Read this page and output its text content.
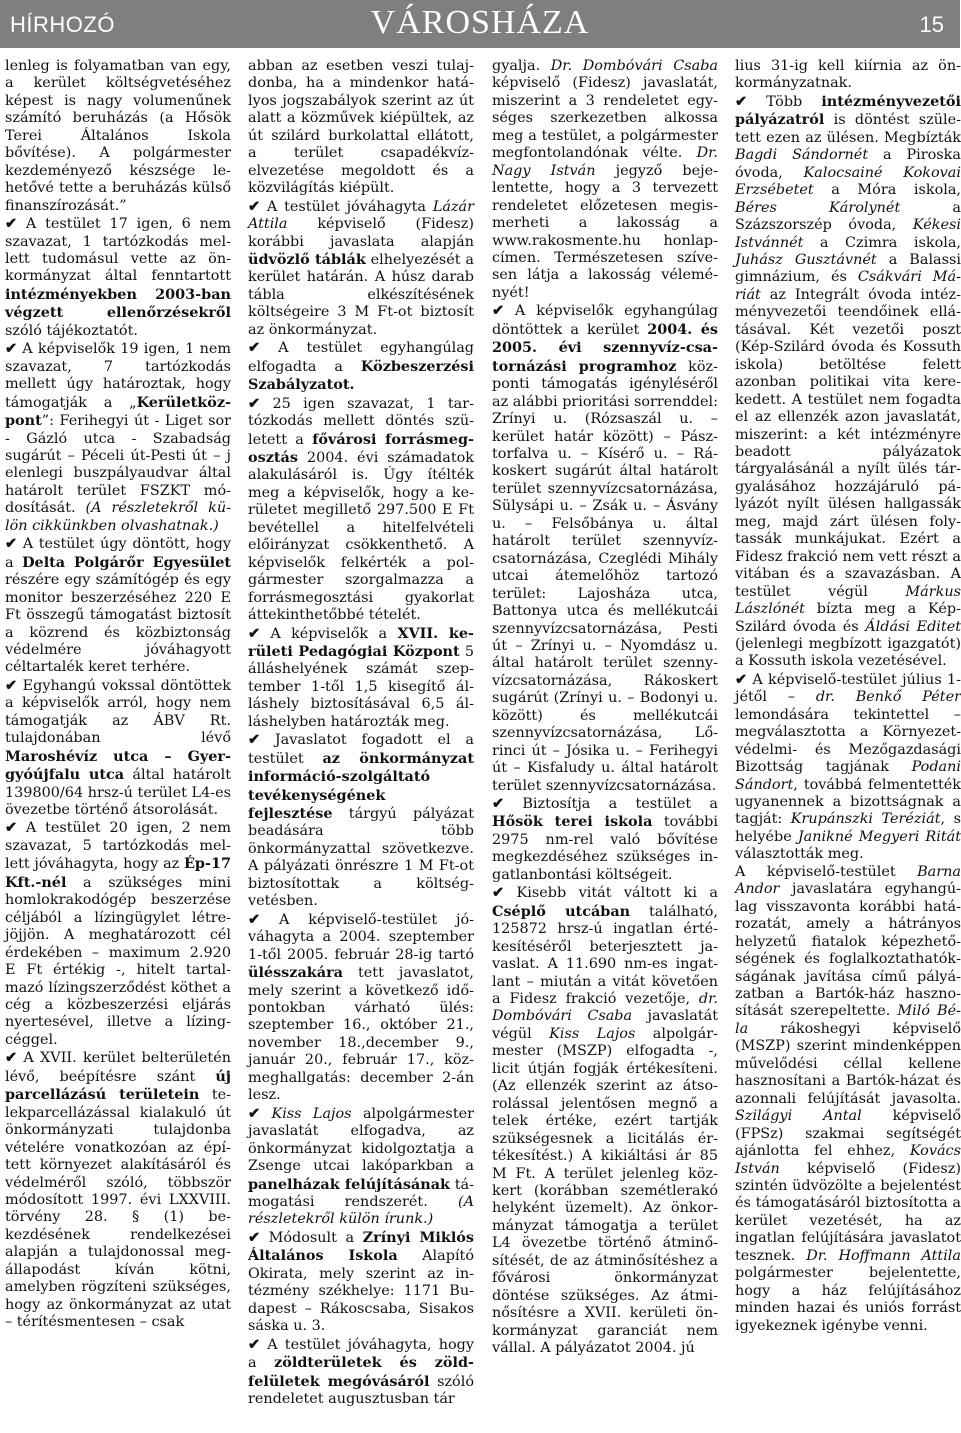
HÍRHOZÓ	VÁROSHÁZA	15

lenleg is folyamatban van egy, a kerület költségvetéséhez képest is nagy volumenűnek számító beruházás (a Hősök Terei Általános Iskola bővítése). A polgármester kezdeményező készsége lehetővé tette a beruházás külső finanszírozását.”

✔ A testület 17 igen, 6 nem szavazat, 1 tartózkodás mellett tudomásul vette az önkormányzat által fenntartott intézményekben 2003-ban végzett ellenőrzésekről szóló tájékoztatót.

✔ A képviselők 19 igen, 1 nem szavazat, 7 tartózkodás mellett úgy határoztak, hogy támogatják a „Kerületközpont”: Ferihegyi út - Liget sor - Gázló utca - Szabadság sugárút – Péceli út-Pesti út – j elenlegi buszpályaudvar által határolt terület FSZKT módosítását. (A részletekről külön cikkünkben olvashatnak.)

✔ A testület úgy döntött, hogy a Delta Polgárőr Egyesület részére egy számítógép és egy monitor beszerzéséhez 220 E Ft összegű támogatást biztosít a közrend és közbiztonság védelmére jóváhagyott céltartalék keret terhére.

✔ Egyhangú vokssal döntöttek a képviselők arról, hogy nem támogatják az ÁBV Rt. tulajdonában lévő Maroshévíz utca – Gyergyóújfalu utca által határolt 139800/64 hrsz-ú terület L4-es övezetbe történő átsorolását.

✔ A testület 20 igen, 2 nem szavazat, 5 tartózkodás mellett jóváhagyta, hogy az Ép-17 Kft.-nél a szükséges mini homlokrakodógép beszerzése céljából a lízingügylet létrejöjjön. A meghatározott cél érdekében – maximum 2.920 E Ft értékig -, hitelt tartalmazó lízingszerződést köthet a cég a közbeszerzési eljárás nyertesével, illetve a lízingcéggel.

✔ A XVII. kerület belterületén lévő, beépítésre szánt új parcellázású területein telekparcellázással kialakuló út önkormányzati tulajdonba vételére vonatkozóan az épített környezet alakításáról és védelméről szóló, többször módosított 1997. évi LXXVIII. törvény 28. § (1) bekezdésének rendelkezései alapján a tulajdonossal megállapodást kíván kötni, amelyben rögzíteni szükséges, hogy az önkormányzat az utat – térítésmentesen – csak

abban az esetben veszi tulajdonba, ha a mindenkor hatályos jogszabályok szerint az út alatt a közművek kiépültek, az út szilárd burkolattal ellátott, a terület csapadékvíz-elvezetése megoldott és a közvilágítás kiépült.

✔ A testület jóváhagyta Lázár Attila képviselő (Fidesz) korábbi javaslata alapján üdvözlő táblák elhelyezését a kerület határán. A húsz darab tábla elkészítésének költségeire 3 M Ft-ot biztosít az önkormányzat.

✔ A testület egyhangúlag elfogadta a Közbeszerzési Szabályzatot.

✔ 25 igen szavazat, 1 tartózkodás mellett döntés született a fővárosi forrásmegosztás 2004. évi számadatok alakulásáról is. Úgy ítélték meg a képviselők, hogy a kerületet megillető 297.500 E Ft bevétellel a hitelfelvételi előirányzat csökkenthető. A képviselők felkérték a polgármester szorgalmazza a forrásmegosztási gyakorlat áttekinthetőbbé tételét.

✔ A képviselők a XVII. kerületi Pedagógiai Központ 5 álláshelyének számát szeptember 1-től 1,5 kisegítő álláshely biztosításával 6,5 álláshelyben határozták meg.

✔ Javaslatot fogadott el a testület az önkormányzat információ-szolgáltató tevékenységének fejlesztése tárgyú pályázat beadására több önkormányzattal szövetkezve. A pályázati önrészre 1 M Ft-ot biztosítottak a költségvetésben.

✔ A képviselő-testület jóváhagyta a 2004. szeptember 1-től 2005. február 28-ig tartó ülésszakára tett javaslatot, mely szerint a következő időpontokban várható ülés: szeptember 16., október 21., november 18.,december 9., január 20., február 17., közmeghallgatás: december 2-án lesz.

✔ Kiss Lajos alpolgármester javaslatát elfogadva, az önkormányzat kidolgoztatja a Zsenge utcai lakóparkban a panelházak felújításának támogatási rendszerét. (A részletekről külön írunk.)

✔ Módosult a Zrínyi Miklós Általános Iskola Alapító Okirata, mely szerint az intézmény székhelye: 1171 Budapest – Rákoscsaba, Sisakos sáska u. 3.

✔ A testület jóváhagyta, hogy a zöldterületek és zöldfelületek megóvásáról szóló rendeletet augusztusban tár

gyalja. Dr. Dombóvári Csaba képviselő (Fidesz) javaslatát, miszerint a 3 rendeletet egységes szerkezetben alkossa meg a testület, a polgármester megfontolandónak vélte. Dr. Nagy István jegyző bejelentette, hogy a 3 tervezett rendeletet előzetesen megismerheti a lakosság a www.rakosmente.hu honlapcímen. Természetesen szívesen látja a lakosság véleményét!

✔ A képviselők egyhangúlag döntöttek a kerület 2004. és 2005. évi szennyvíz-csatornázási programhoz központi támogatás igényléséről az alábbi prioritási sorrenddel: Zrínyi u. (Rózsaszál u. – kerület határ között) – Pásztorfalva u. – Kísérő u. – Rákoskert sugárút által határolt terület szennyvízcsatornázása, Sülysápi u. – Zsák u. – Ásvány u. – Felsőbánya u. által határolt terület szennyvízcsatornázása, Czeglédi Mihály utcai átemelőhöz tartozó terület: Lajosháza utca, Battonya utca és mellékutcái szennyvízcsatornázása, Pesti út – Zrínyi u. – Nyomdász u. által határolt terület szennyvízcsatornázása, Rákoskert sugárút (Zrínyi u. – Bodonyi u. között) és mellékutcái szennyvízcsatornázása, Lőrinci út – Jósika u. – Ferihegyi út – Kisfaludy u. által határolt terület szennyvízcsatornázása.

✔ Biztosítja a testület a Hősök terei iskola további 2975 nm-rel való bővítése megkezdéséhez szükséges ingatlanbontási költségeit.

✔ Kisebb vitát váltott ki a Cséplő utcában található, 125872 hrsz-ú ingatlan értékesítéséről beterjesztett javaslat. A 11.690 nm-es ingatlant – miután a vitát követően a Fidesz frakció vezetője, dr. Dombóvári Csaba javaslatát végül Kiss Lajos alpolgármester (MSZP) elfogadta -, licit útján fogják értékesíteni. (Az ellenzék szerint az átsorolással jelentősen megnő a telek értéke, ezért tartják szükségesnek a licitálás értékesítést.) A kikiáltási ár 85 M Ft. A terület jelenleg közkert (korábban szemétlerakó helyként üzemelt). Az önkormányzat támogatja a terület L4 övezetbe történő átminősítését, de az átminősítéshez a fővárosi önkormányzat döntése szükséges. Az átminősítésre a XVII. kerületi önkormányzat garanciát nem vállal. A pályázatot 2004. jú

lius 31-ig kell kiírnia az önkormányzatnak.

✔ Több intézményvezetői pályázatról is döntést született ezen az ülésen. Megbízták Bagdi Sándornét a Piroska óvoda, Kalocsainé Kokovai Erzsébetet a Móra iskola, Béres Károlynét a Százszorszép óvoda, Kékesi Istvánnét a Czimra iskola, Juhász Gusztávnét a Balassi gimnázium, és Csákvári Máriát az Integrált óvoda intézményvezetői teendőinek ellátásával. Két vezetői poszt (Kép-Szilárd óvoda és Kossuth iskola) betöltése felett azonban politikai vita kerekedett. A testület nem fogadta el az ellenzék azon javaslatát, miszerint: a két intézményre beadott pályázatok tárgyalásánál a nyílt ülés tárgyalásához hozzájáruló pályázót nyílt ülésen hallgassák meg, majd zárt ülésen folytassák munkájukat. Ezért a Fidesz frakció nem vett részt a vitában és a szavazásban. A testület végül Márkus Lászlónét bízta meg a Kép-Szilárd óvoda és Áldási Editet (jelenlegi megbízott igazgatót) a Kossuth iskola vezetésével.

✔ A képviselő-testület július 1-jétől – dr. Benkő Péter lemondására tekintettel – megválasztotta a Környezetvédelmi- és Mezőgazdasági Bizottság tagjának Podani Sándort, továbbá felmentették ugyanennek a bizottságnak a tagját: Krupánszki Teréziát, s helyébe Janikné Megyeri Ritát választották meg.

A képviselő-testület Barna Andor javaslatára egyhangúlag visszavonta korábbi határozatát, amely a hátrányos helyzetű fiatalok képezhetőségének és foglalkoztathatókságának javítása című pályázatban a Bartók-ház hasznosítását szerepeltette. Miló Béla rákoshegyi képviselő (MSZP) szerint mindenképpen művelődési céllal kellene hasznosítani a Bartók-házat és azonnali felújítását javasolta. Szilágyi Antal képviselő (FPSz) szakmai segítségét ajánlotta fel ehhez, Kovács István képviselő (Fidesz) szintén üdvözölte a bejelentést és támogatásáról biztosította a kerület vezetését, ha az ingatlan felújítására javaslatot tesznek. Dr. Hoffmann Attila polgármester bejelentette, hogy a ház felújításához minden hazai és uniós forrást igyekeznek igénybe venni.
